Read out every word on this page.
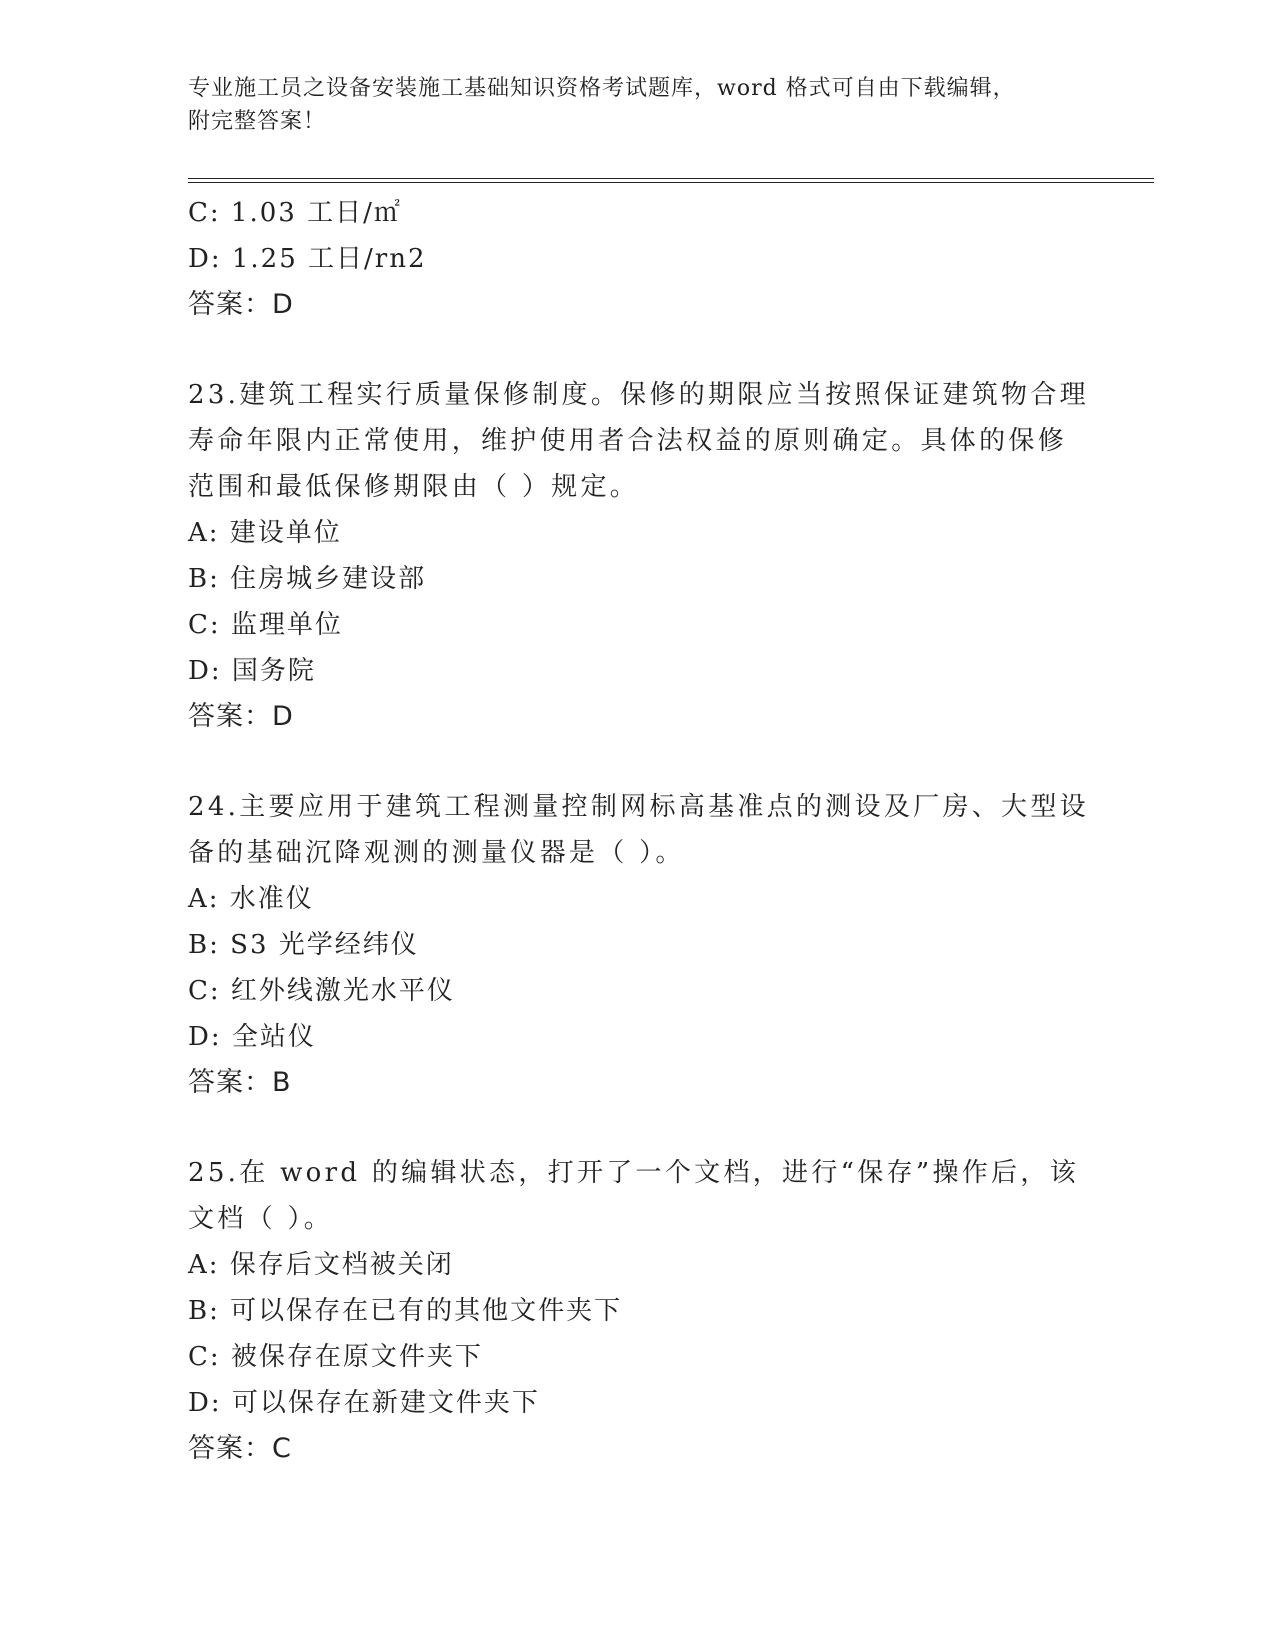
专业施工员之设备安装施工基础知识资格考试题库，word 格式可自由下载编辑，
附完整答案！
C: 1.03 工日/㎡
D: 1.25 工日/rn2
答案：D
23.建筑工程实行质量保修制度。保修的期限应当按照保证建筑物合理
寿命年限内正常使用，维护使用者合法权益的原则确定。具体的保修
范围和最低保修期限由（ ）规定。
A: 建设单位
B: 住房城乡建设部
C: 监理单位
D: 国务院
答案：D
24.主要应用于建筑工程测量控制网标高基准点的测设及厂房、大型设
备的基础沉降观测的测量仪器是（ ）。
A: 水准仪
B: S3 光学经纬仪
C: 红外线激光水平仪
D: 全站仪
答案：B
25.在 word 的编辑状态，打开了一个文档，进行“保存”操作后，该
文档（ ）。
A: 保存后文档被关闭
B: 可以保存在已有的其他文件夹下
C: 被保存在原文件夹下
D: 可以保存在新建文件夹下
答案：C
